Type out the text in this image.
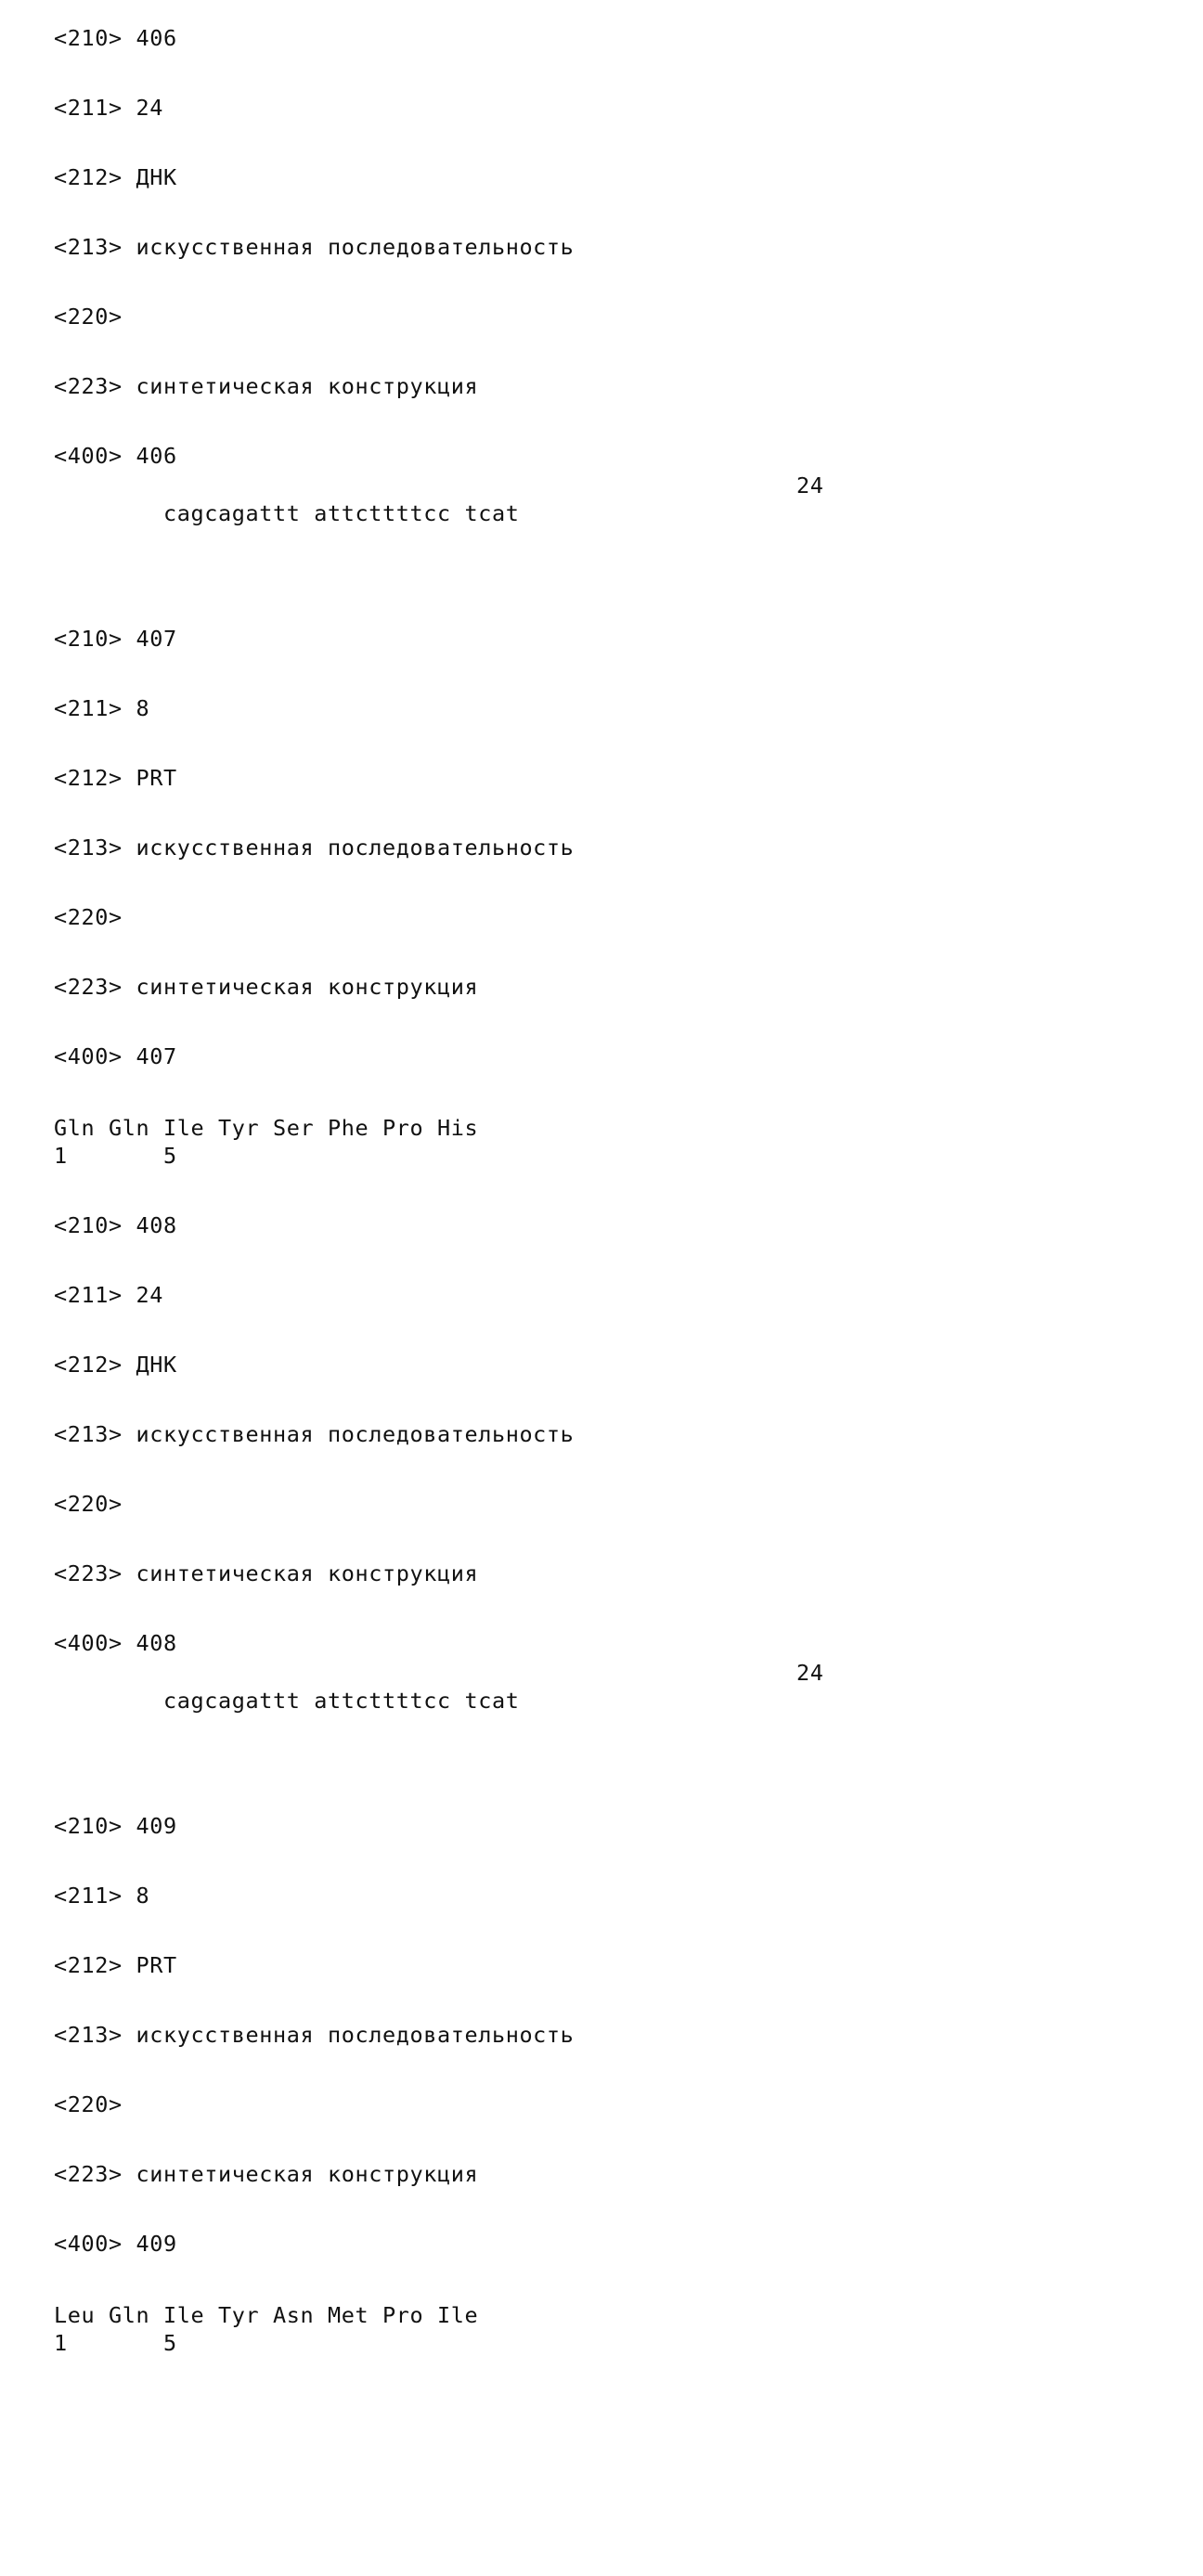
<210> 406
<211> 24
<212> ДНК
<213> искусственная последовательность
<220>
<223> синтетическая конструкция
<400> 406

cagcagattt attcttttcc tcat

24

<210> 407
<211> 8
<212> PRT
<213> искусственная последовательность
<220>
<223> синтетическая конструкция
<400> 407
Gln Gln Ile Tyr Ser Phe Pro His
1       5
<210> 408
<211> 24
<212> ДНК
<213> искусственная последовательность
<220>
<223> синтетическая конструкция
<400> 408

cagcagattt attcttttcc tcat

24

<210> 409
<211> 8
<212> PRT
<213> искусственная последовательность
<220>
<223> синтетическая конструкция
<400> 409
Leu Gln Ile Tyr Asn Met Pro Ile
1       5
